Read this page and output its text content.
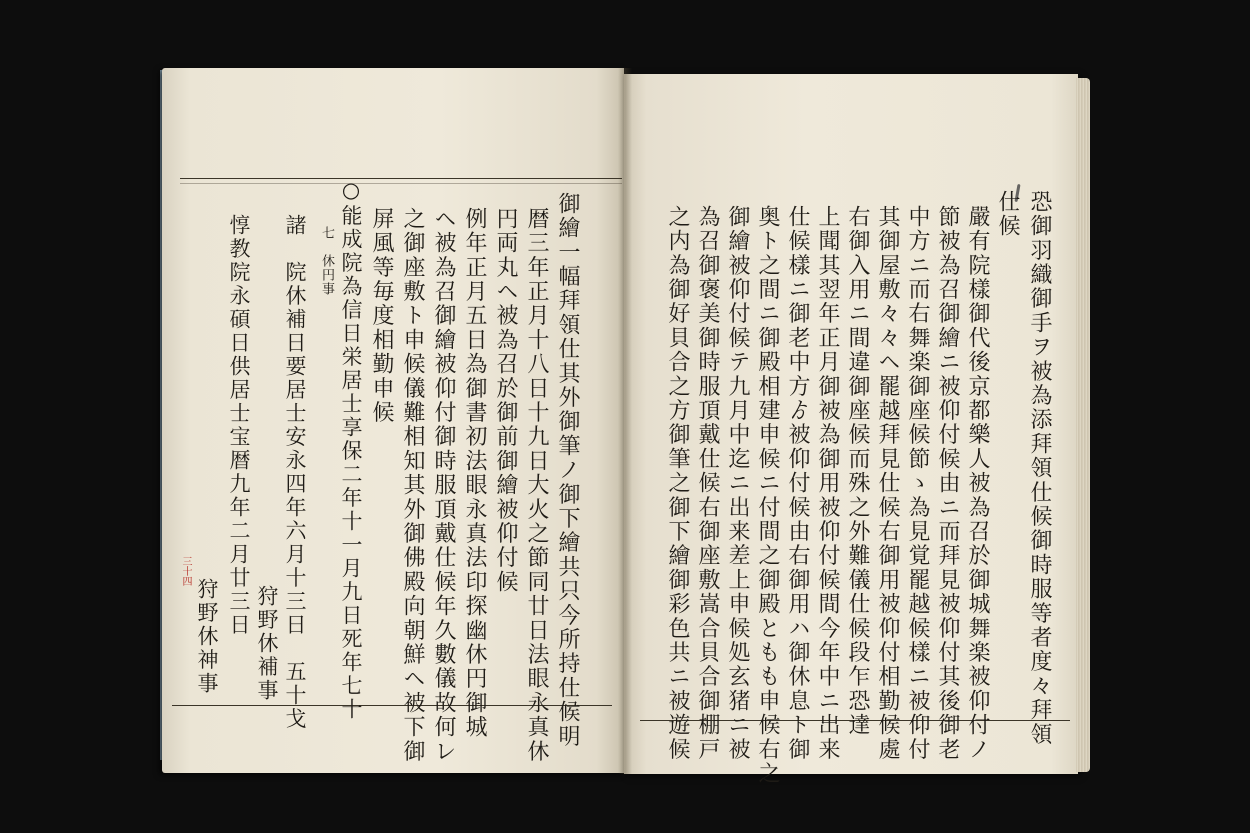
恐御羽織御手ヲ被為添拜領仕候御時服等者度々拜領
仕候
嚴有院樣御代後京都樂人被為召於御城舞楽被仰付ノ
節被為召御繪ニ被仰付候由ニ而拜見被仰付其後御老
中方ニ而右舞楽御座候節ゝ為見覚罷越候樣ニ被仰付
其御屋敷々々ヘ罷越拜見仕候右御用被仰付相勤候處
右御入用ニ間違御座候而殊之外難儀仕候段乍恐達
上聞其翌年正月御被為御用被仰付候間今年中ニ出来
仕候樣ニ御老中方ゟ被仰付候由右御用ハ御休息ト御
奥ト之間ニ御殿相建申候ニ付間之御殿ともも申候右之
御繪被仰付候テ九月中迄ニ出来差上申候処玄猪ニ被
為召御褒美御時服頂戴仕候右御座敷嵩合貝合御棚戸
之内為御好貝合之方御筆之御下繪御彩色共ニ被遊候
御繪一幅拜領仕其外御筆ノ御下繪共只今所持仕候明
暦三年正月十八日十九日大火之節同廿日法眼永真休
円両丸ヘ被為召於御前御繪被仰付候
例年正月五日為御書初法眼永真法印探幽休円御城
ヘ被為召御繪被仰付御時服頂戴仕候年久數儀故何レ
之御座敷ト申候儀難相知其外御佛殿向朝鮮ヘ被下御
屏風等毎度相勤申候
七　休円事 ○能成院為信日栄居士享保二年十一月九日死年七十
諸　院休補日要居士安永四年六月十三日　五十戈
惇教院永碩日供居士宝暦九年二月廿三日
狩野休神事 狩野休補事
三十四
